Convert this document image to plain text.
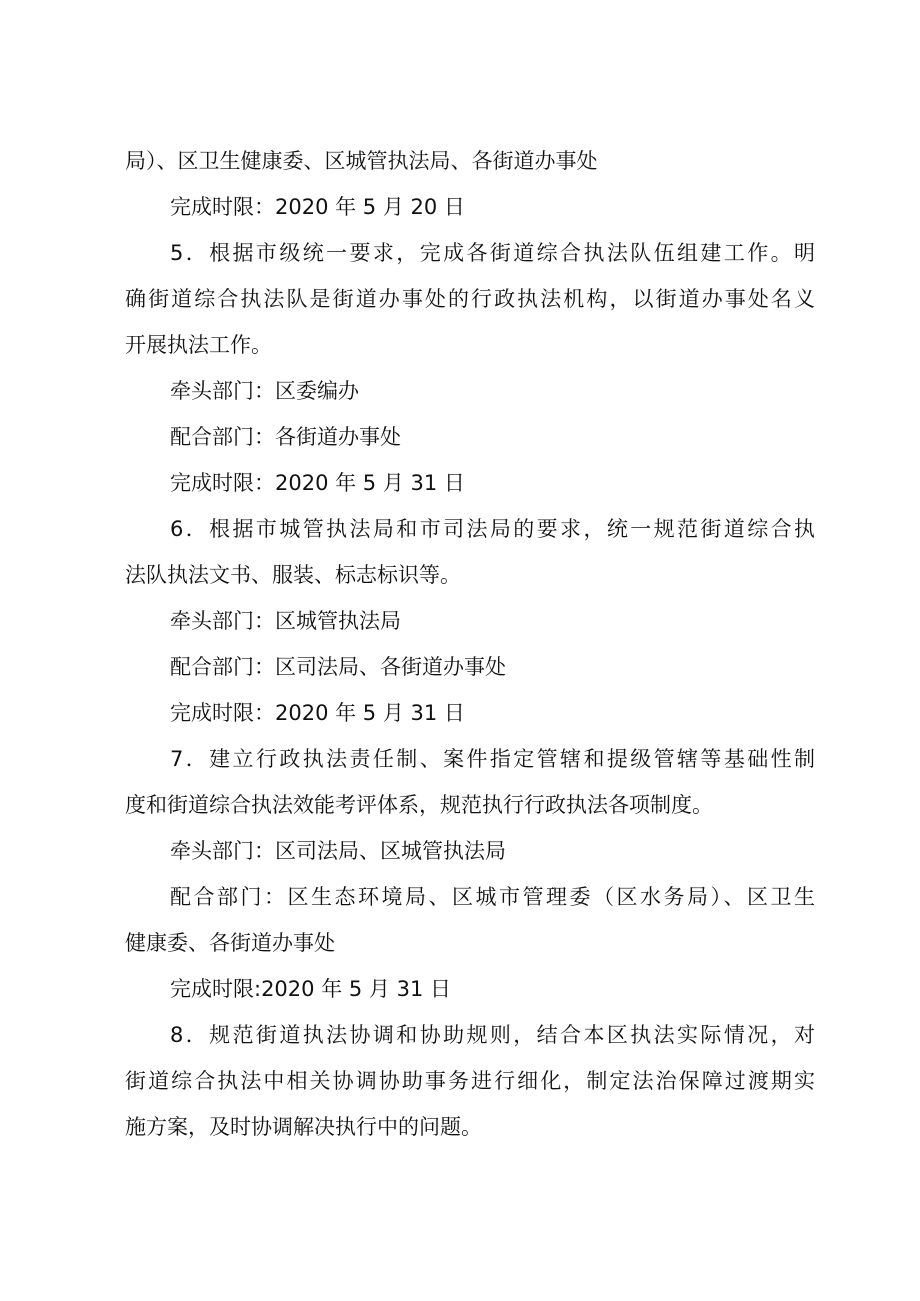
局）、区卫生健康委、区城管执法局、各街道办事处
完成时限：2020 年 5 月 20 日
5．根据市级统一要求，完成各街道综合执法队伍组建工作。明
确街道综合执法队是街道办事处的行政执法机构，以街道办事处名义
开展执法工作。
牵头部门：区委编办
配合部门：各街道办事处
完成时限：2020 年 5 月 31 日
6．根据市城管执法局和市司法局的要求，统一规范街道综合执
法队执法文书、服装、标志标识等。
牵头部门：区城管执法局
配合部门：区司法局、各街道办事处
完成时限：2020 年 5 月 31 日
7．建立行政执法责任制、案件指定管辖和提级管辖等基础性制
度和街道综合执法效能考评体系，规范执行行政执法各项制度。
牵头部门：区司法局、区城管执法局
配合部门：区生态环境局、区城市管理委（区水务局）、区卫生
健康委、各街道办事处
完成时限:2020 年 5 月 31 日
8．规范街道执法协调和协助规则，结合本区执法实际情况，对
街道综合执法中相关协调协助事务进行细化，制定法治保障过渡期实
施方案，及时协调解决执行中的问题。
